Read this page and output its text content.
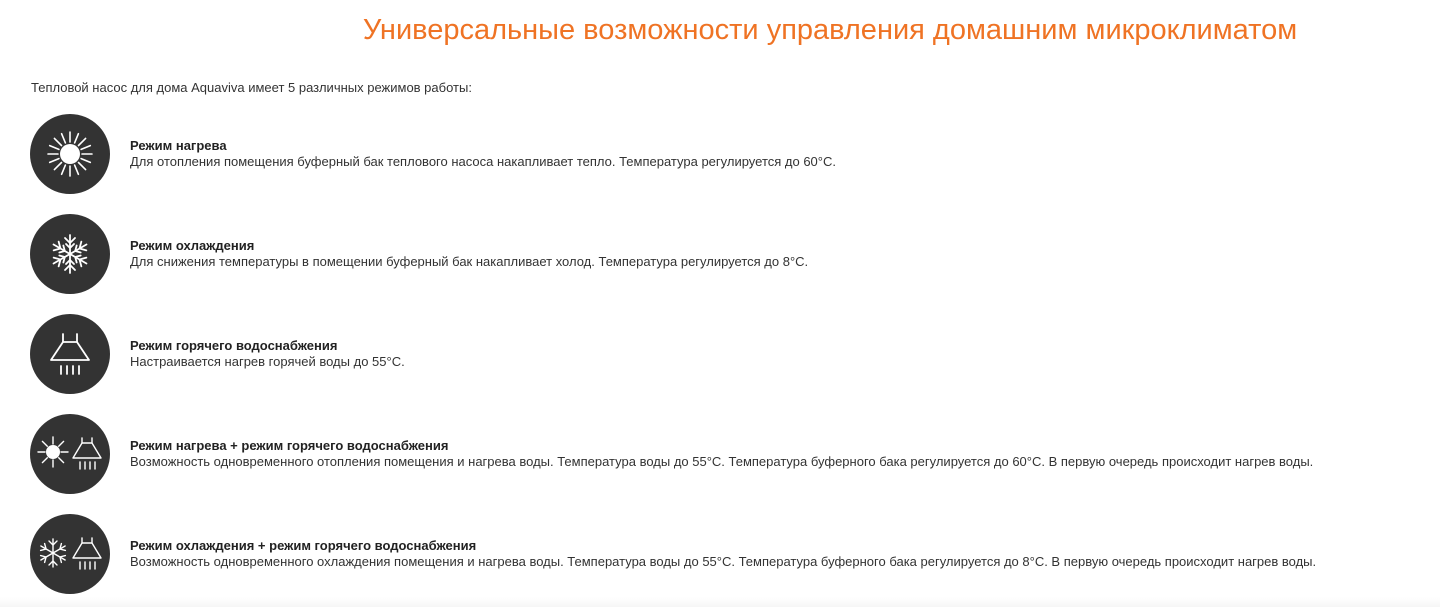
Универсальные возможности управления домашним микроклиматом

Тепловой насос для дома Aquaviva имеет 5 различных режимов работы:

Режим нагрева

Для отопления помещения буферный бак теплового насоса накапливает тепло. Температура регулируется до 60°C.

Режим охлаждения

Для снижения температуры в помещении буферный бак накапливает холод. Температура регулируется до 8°C.

Режим горячего водоснабжения

Настраивается нагрев горячей воды до 55°C.

Режим нагрева + режим горячего водоснабжения

Возможность одновременного отопления помещения и нагрева воды. Температура воды до 55°C. Температура буферного бака регулируется до 60°C. В первую очередь происходит нагрев воды.

Режим охлаждения + режим горячего водоснабжения

Возможность одновременного охлаждения помещения и нагрева воды. Температура воды до 55°C. Температура буферного бака регулируется до 8°C. В первую очередь происходит нагрев воды.
